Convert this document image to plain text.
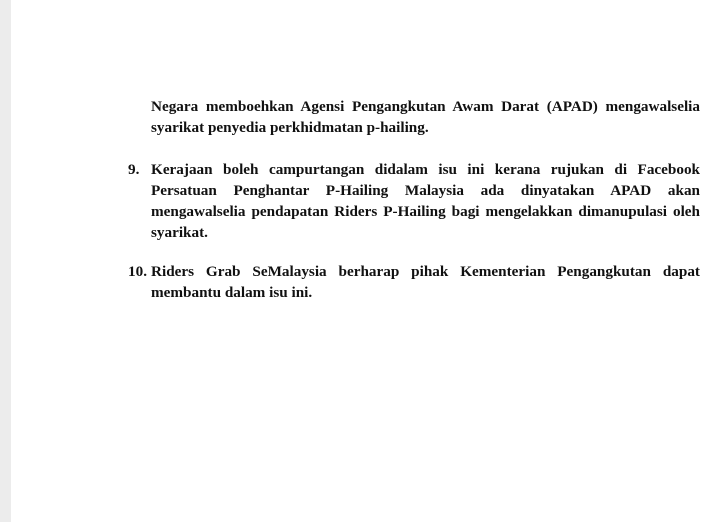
Negara memboehkan Agensi Pengangkutan Awam Darat (APAD) mengawalselia syarikat penyedia perkhidmatan p-hailing.
9. Kerajaan boleh campurtangan didalam isu ini kerana rujukan di Facebook Persatuan Penghantar P-Hailing Malaysia ada dinyatakan APAD akan mengawalselia pendapatan Riders P-Hailing bagi mengelakkan dimanupulasi oleh syarikat.
10. Riders Grab SeMalaysia berharap pihak Kementerian Pengangkutan dapat membantu dalam isu ini.
